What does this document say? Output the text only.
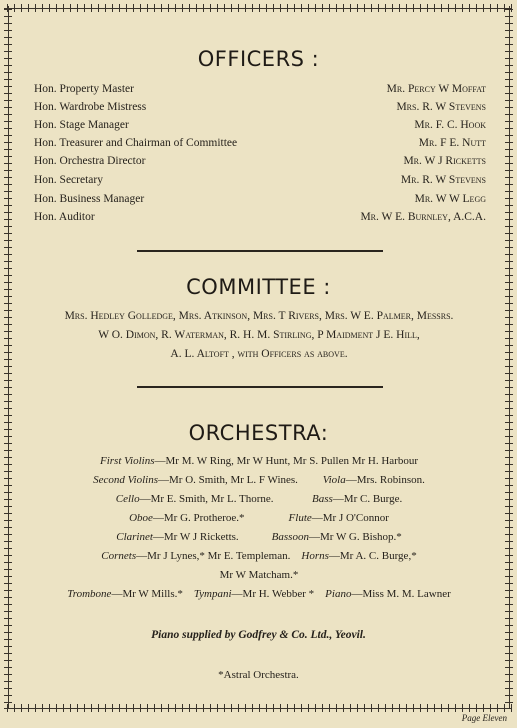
OFFICERS :
Hon. Property Master	Mr. Percy W Moffat
Hon. Wardrobe Mistress	Mrs. R. W Stevens
Hon. Stage Manager	Mr. F. C. Hook
Hon. Treasurer and Chairman of Committee	Mr. F E. Nutt
Hon. Orchestra Director	Mr. W J Ricketts
Hon. Secretary	Mr. R. W Stevens
Hon. Business Manager	Mr. W W Legg
Hon. Auditor	Mr. W E. Burnley, A.C.A.
COMMITTEE :
Mrs. Hedley Golledge, Mrs. Atkinson, Mrs. T Rivers, Mrs. W E. Palmer, Messrs.
W O. Dimon, R. Waterman, R. H. M. Stirling, P Maidment J E. Hill,
A. L. Altoft , with Officers as above.
ORCHESTRA:
First Violins—Mr M. W Ring, Mr W Hunt, Mr S. Pullen Mr H. Harbour
Second Violins—Mr O. Smith, Mr L. F Wines. Viola—Mrs. Robinson.
Cello—Mr E. Smith, Mr L. Thorne.	Bass—Mr C. Burge.
Oboe—Mr G. Protheroe.*	Flute—Mr J O'Connor
Clarinet—Mr W J Ricketts.	Bassoon—Mr W G. Bishop.*
Cornets—Mr J Lynes,* Mr E. Templeman. Horns—Mr A. C. Burge,*
Mr W Matcham.*
Trombone—Mr W Mills.* Tympani—Mr H. Webber * Piano—Miss M. M. Lawner
Piano supplied by Godfrey & Co. Ltd., Yeovil.
*Astral Orchestra.
Page Eleven
